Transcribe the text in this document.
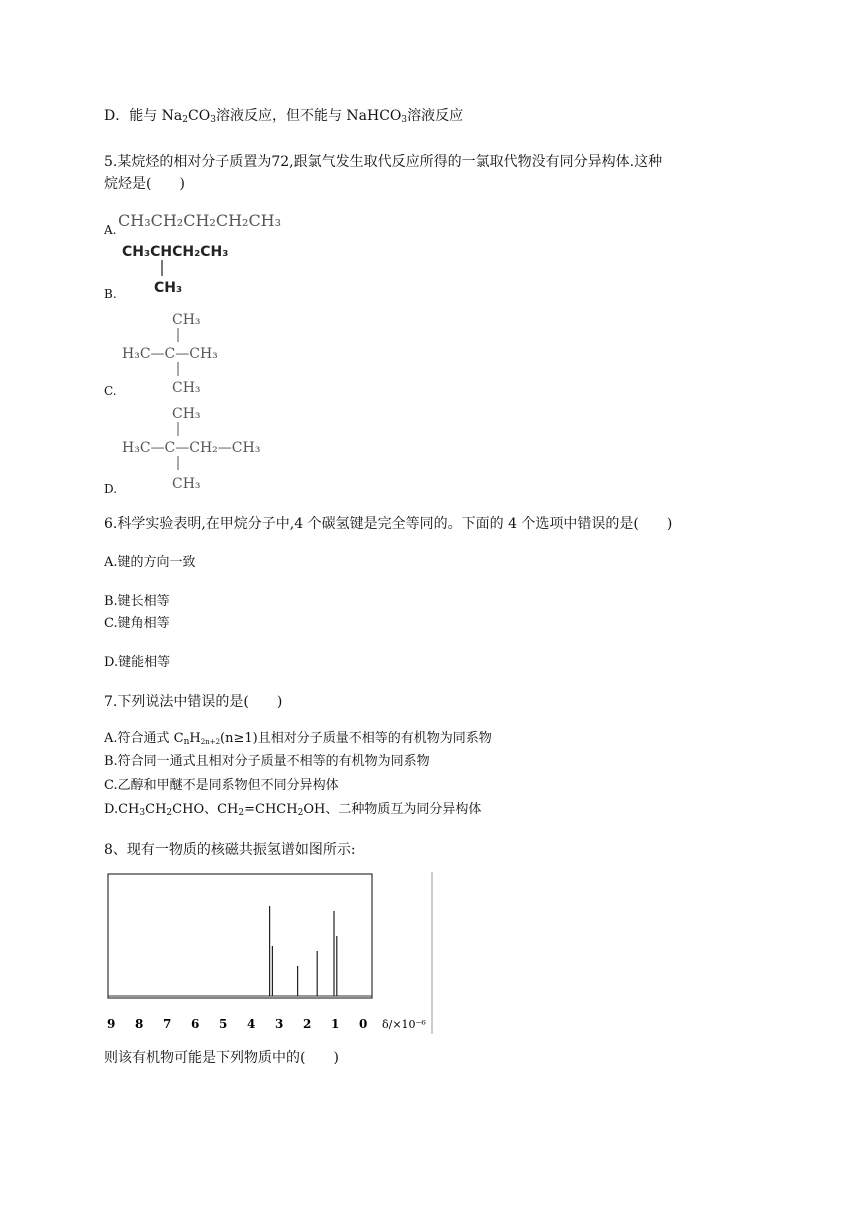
D．能与 $Na_2CO_3$溶液反应，但不能与 NaHCO$_3$溶液反应
5.某烷烃的相对分子质置为72,跟氯气发生取代反应所得的一氯取代物没有同分异构体.这种
烷烃是(　　)
A. CH₃CH₂CH₂CH₂CH₃
CH₃CHCH₂CH₃
CH₃
B.
CH₃
H₃C—C—CH₃
CH₃
C.
CH₃
H₃C—C—CH₂—CH₃
CH₃
D.
6.科学实验表明,在甲烷分子中,4 个碳氢键是完全等同的。下面的 4 个选项中错误的是(　　)
A.键的方向一致
B.键长相等
C.键角相等
D.键能相等
7.下列说法中错误的是(　　)
A.符合通式 $C_nH_{2n+2}(n\ge 1)$且相对分子质量不相等的有机物为同系物
B.符合同一通式且相对分子质量不相等的有机物为同系物
C.乙醇和甲醚不是同系物但不同分异构体
$D.CH_3CH_2CHO$、$CH_2=CHCH_2OH$、二种物质互为同分异构体
8、现有一物质的核磁共振氢谱如图所示:
9 8 7 6 5 4 3 2 1 0 δ/×10⁻⁶
则该有机物可能是下列物质中的(　　)
